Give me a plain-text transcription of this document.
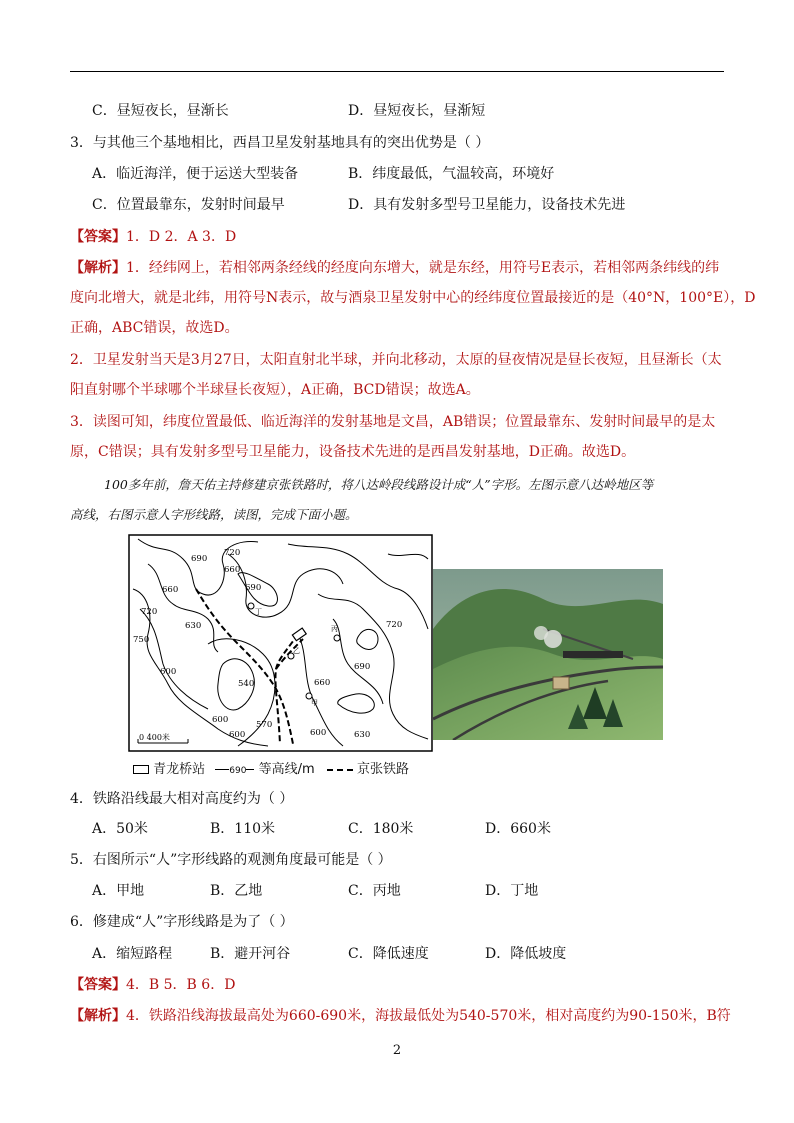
C．昼短夜长，昼渐长	D．昼短夜长，昼渐短
3．与其他三个基地相比，西昌卫星发射基地具有的突出优势是（ ）
A．临近海洋，便于运送大型装备	B．纬度最低，气温较高，环境好
C．位置最靠东，发射时间最早	D．具有发射多型号卫星能力，设备技术先进
【答案】1．D 2．A 3．D
【解析】1．经纬网上，若相邻两条经线的经度向东增大，就是东经，用符号E表示，若相邻两条纬线的纬
度向北增大，就是北纬，用符号N表示，故与酒泉卫星发射中心的经纬度位置最接近的是（40°N，100°E），D
正确，ABC错误，故选D。
2．卫星发射当天是3月27日，太阳直射北半球，并向北移动，太原的昼夜情况是昼长夜短，且昼渐长（太
阳直射哪个半球哪个半球昼长夜短），A正确，BCD错误；故选A。
3．读图可知，纬度位置最低、临近海洋的发射基地是文昌，AB错误；位置最靠东、发射时间最早的是太
原，C错误；具有发射多型号卫星能力，设备技术先进的是西昌发射基地，D正确。故选D。
100多年前，詹天佑主持修建京张铁路时，将八达岭段线路设计成“人”字形。左图示意八达岭地区等
高线，右图示意人字形线路，读图，完成下面小题。
690
720
660
690
660
720
630
750
600
540	660
690
720
600	570
600	630
600
丁
丙
乙
甲
0 400米
青龙桥站	690 等高线/m	京张铁路
4．铁路沿线最大相对高度约为（ ）
A．50米	B．110米	C．180米	D．660米
5．右图所示“人”字形线路的观测角度最可能是（ ）
A．甲地	B．乙地	C．丙地	D．丁地
6．修建成“人”字形线路是为了（ ）
A．缩短路程	B．避开河谷	C．降低速度	D．降低坡度
【答案】4．B 5．B 6．D
【解析】4．铁路沿线海拔最高处为660-690米，海拔最低处为540-570米，相对高度约为90-150米，B符
2
